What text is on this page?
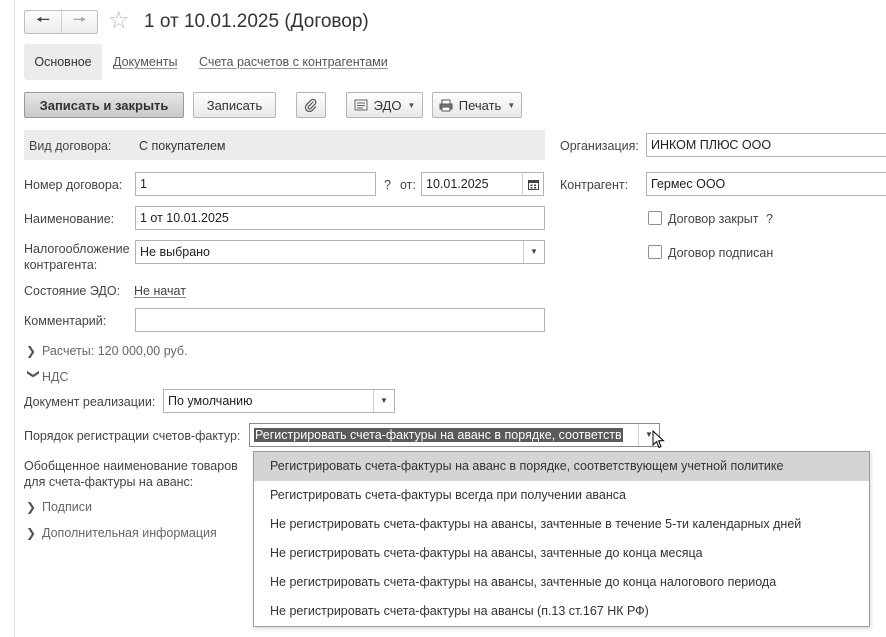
🠔 🠖 ☆ 1 от 10.01.2025 (Договор)
Основное	Документы Счета расчетов с контрагентами
Записать и закрыть	Записать	ЭДО ▼	Печать ▼
Вид договора: С покупателем	Организация: ИНКОМ ПЛЮС ООО
Номер договора:	1	? от: 10.01.2025	Контрагент:	Гермес ООО
Наименование:	1 от 10.01.2025	Договор закрыт ?
Налогообложение
контрагента:
Не выбрано	▼	Договор подписан
Состояние ЭДО: Не начат
Комментарий:
❯ Расчеты: 120 000,00 руб.
❯НДС
Документ реализации:	По умолчанию	▼
Порядок регистрации счетов-фактур:	Регистрировать счета-фактуры на аванс в порядке, соответств	▼
Обобщенное наименование товаров
для счета-фактуры на аванс:
❯ Подписи
❯ Дополнительная информация
Регистрировать счета-фактуры на аванс в порядке, соответствующем учетной политике
Регистрировать счета-фактуры всегда при получении аванса
Не регистрировать счета-фактуры на авансы, зачтенные в течение 5-ти календарных дней
Не регистрировать счета-фактуры на авансы, зачтенные до конца месяца
Не регистрировать счета-фактуры на авансы, зачтенные до конца налогового периода
Не регистрировать счета-фактуры на авансы (п.13 ст.167 НК РФ)
